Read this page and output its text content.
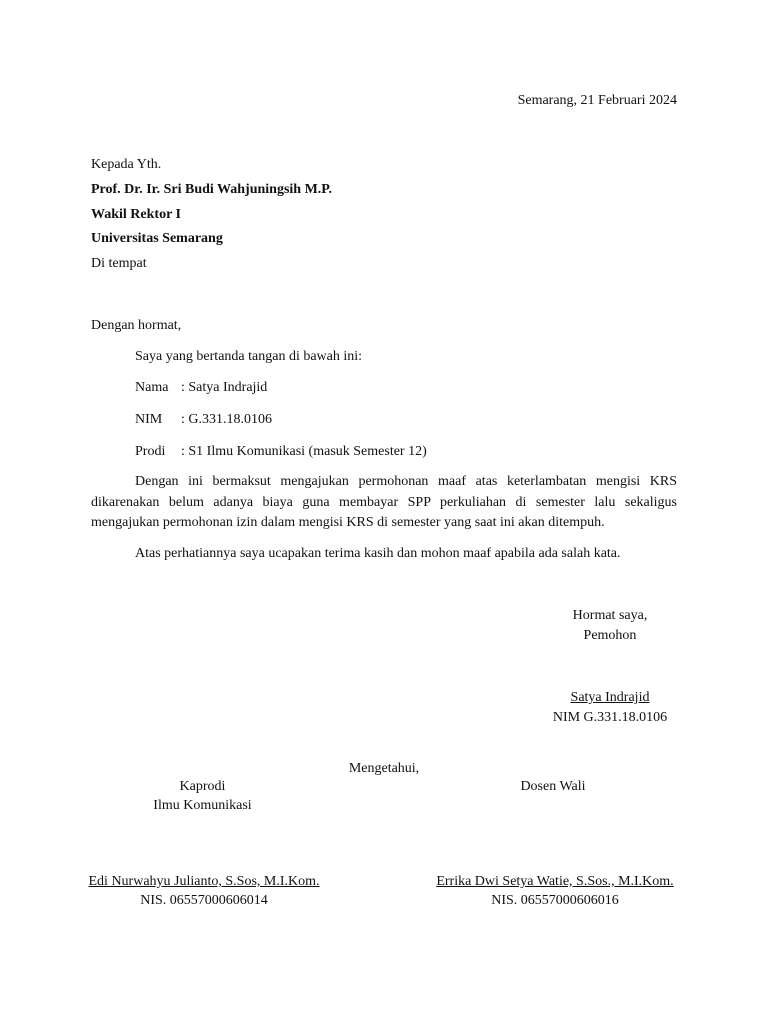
Semarang, 21 Februari 2024
Kepada Yth.
Prof. Dr. Ir. Sri Budi Wahjuningsih M.P.
Wakil Rektor I
Universitas Semarang
Di tempat
Dengan hormat,
Saya yang bertanda tangan di bawah ini:
Nama : Satya Indrajid
NIM : G.331.18.0106
Prodi : S1 Ilmu Komunikasi (masuk Semester 12)
Dengan ini bermaksut mengajukan permohonan maaf atas keterlambatan mengisi KRS dikarenakan belum adanya biaya guna membayar SPP perkuliahan di semester lalu sekaligus mengajukan permohonan izin dalam mengisi KRS di semester yang saat ini akan ditempuh.
Atas perhatiannya saya ucapakan terima kasih dan mohon maaf apabila ada salah kata.
Hormat saya,
Pemohon
Satya Indrajid
NIM G.331.18.0106
Mengetahui,
Kaprodi
Ilmu Komunikasi
Edi Nurwahyu Julianto, S.Sos, M.I.Kom.
NIS. 06557000606014
Dosen Wali
Errika Dwi Setya Watie, S.Sos., M.I.Kom.
NIS. 06557000606016
